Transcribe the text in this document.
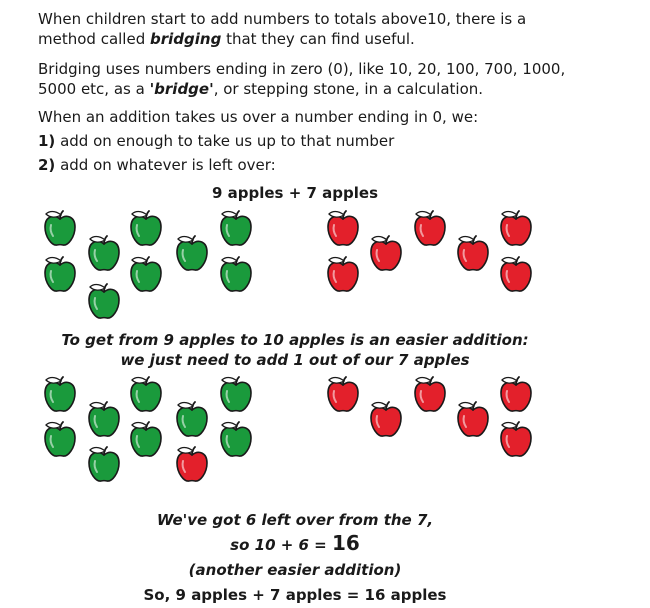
When children start to add numbers to totals above10, there is a
method called bridging that they can find useful.
Bridging uses numbers ending in zero (0), like 10, 20, 100, 700, 1000,
5000 etc, as a 'bridge', or stepping stone, in a calculation.
When an addition takes us over a number ending in 0, we:
1) add on enough to take us up to that number
2) add on whatever is left over:
9 apples + 7 apples
To get from 9 apples to 10 apples is an easier addition:
we just need to add 1 out of our 7 apples
We've got 6 left over from the 7,
so 10 + 6 = 16
(another easier addition)
So, 9 apples + 7 apples = 16 apples
